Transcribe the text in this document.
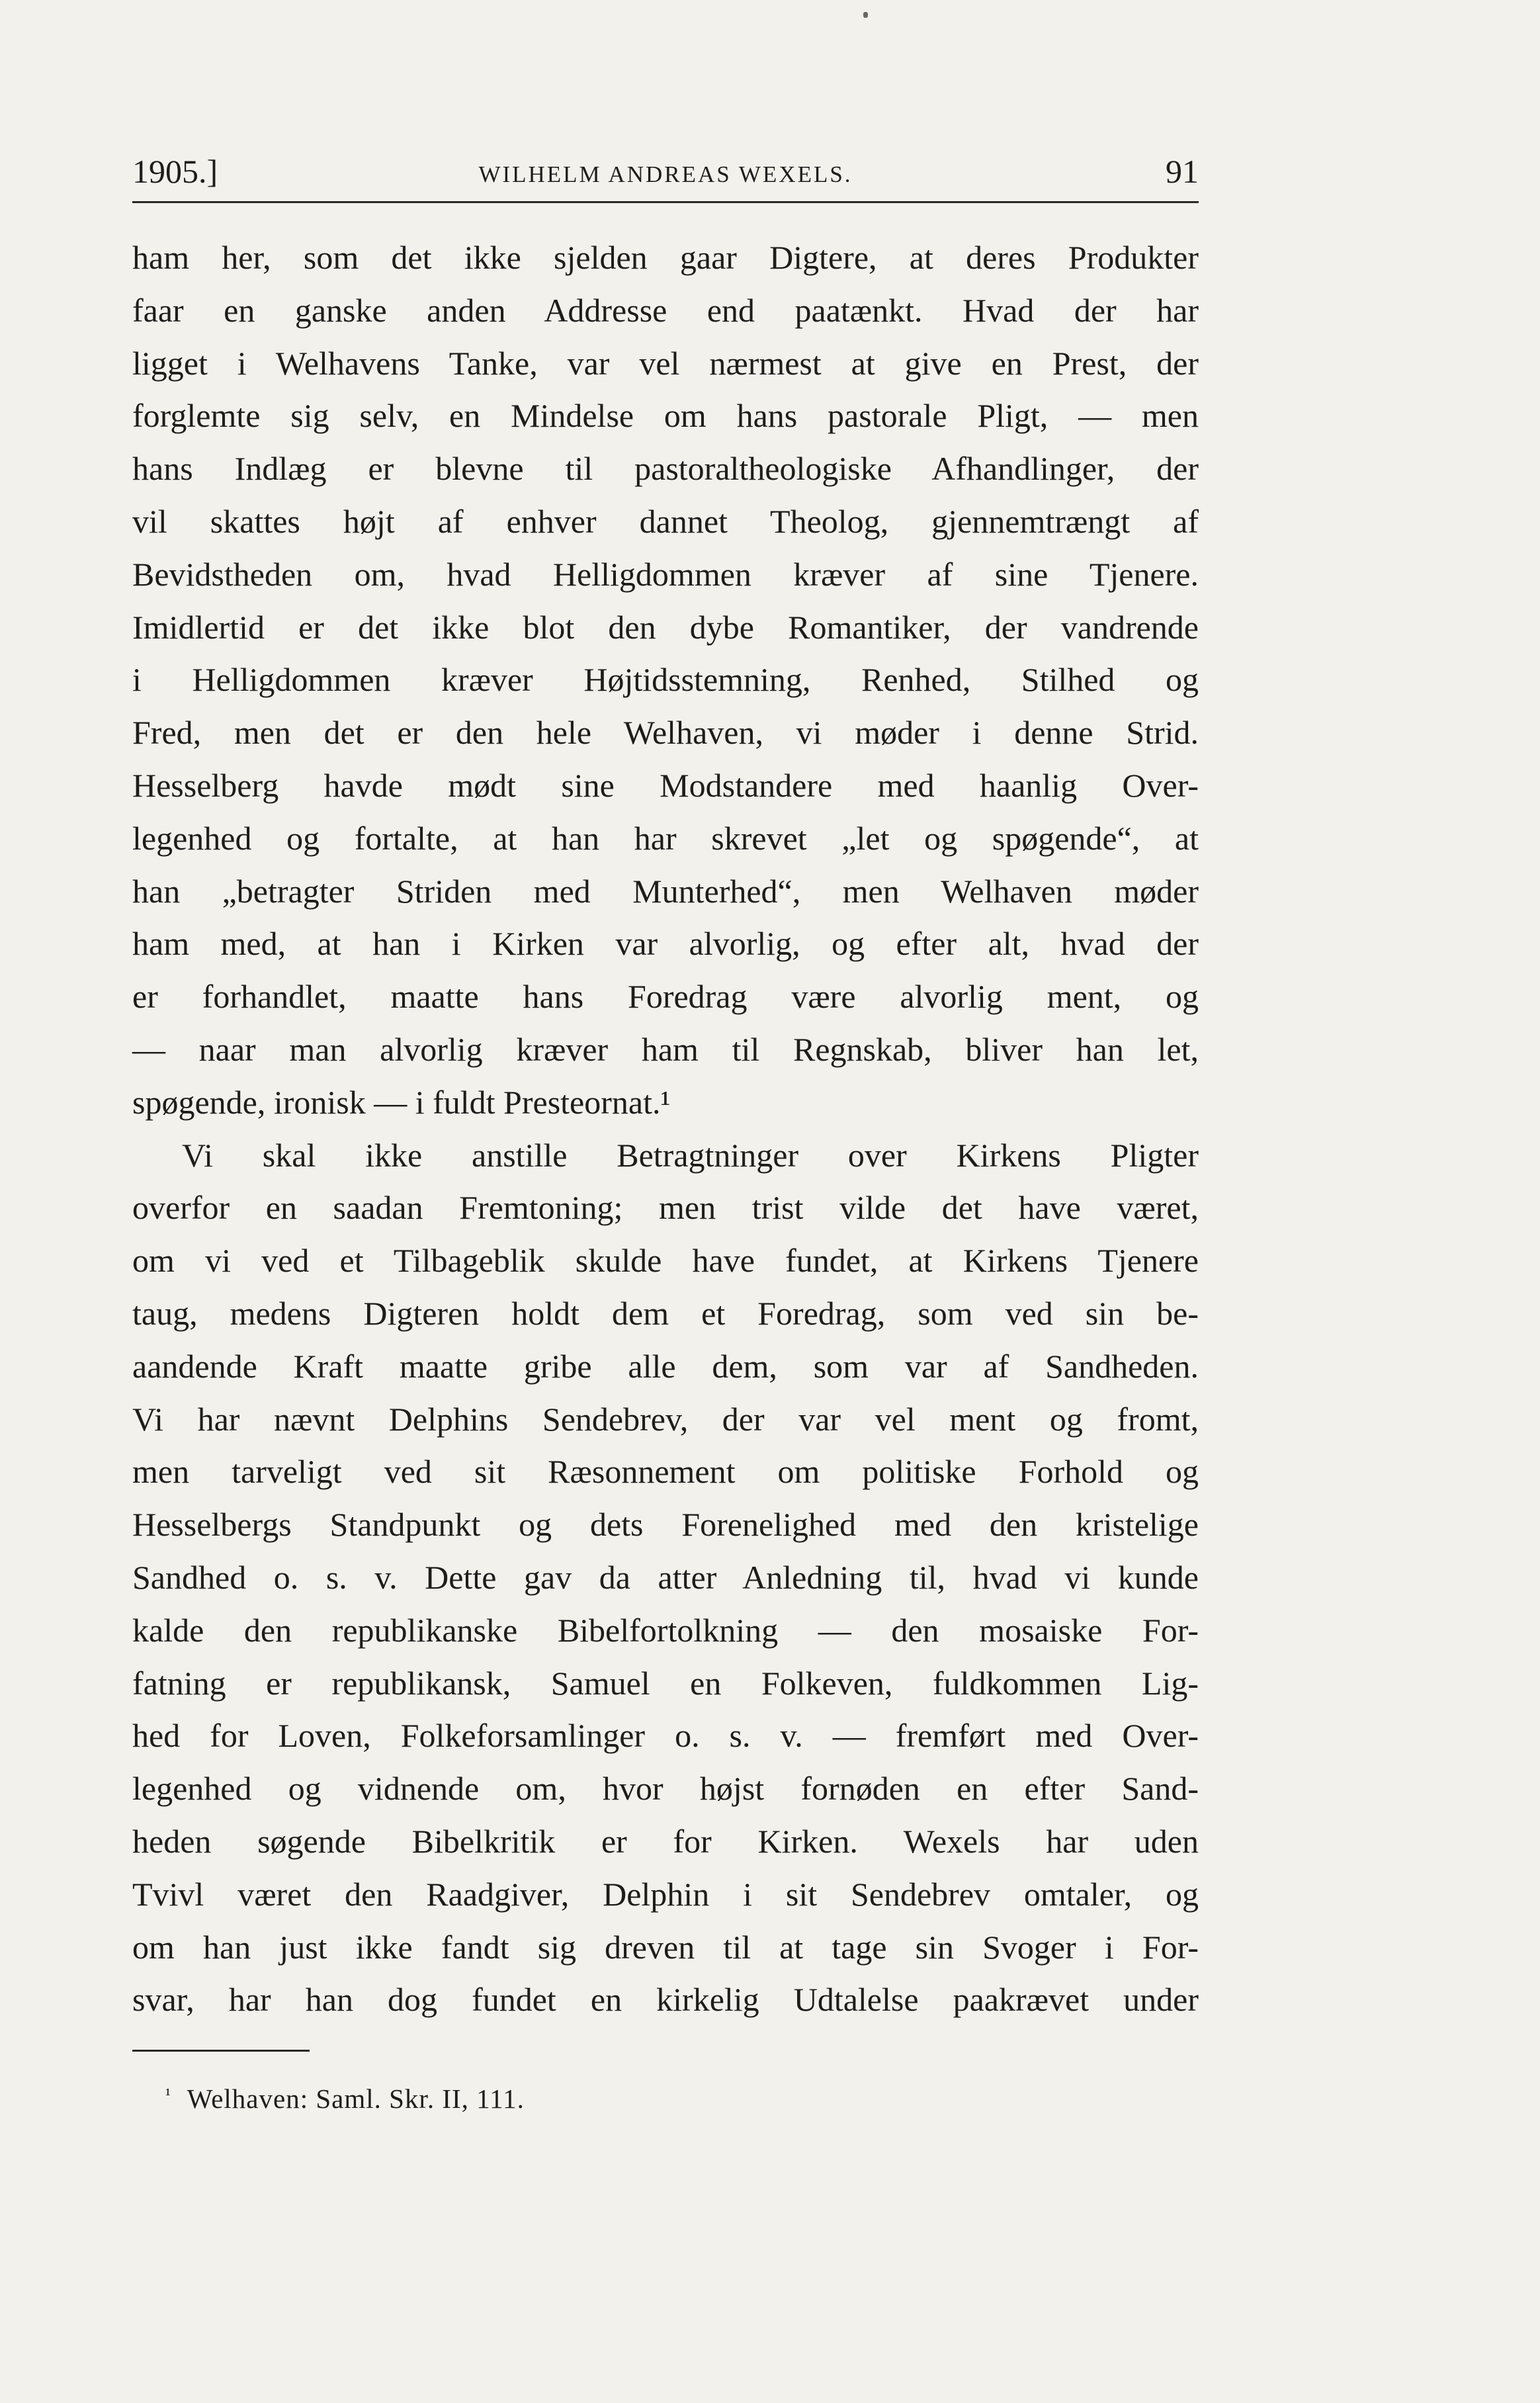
1905.]	WILHELM ANDREAS WEXELS.	91
ham her, som det ikke sjelden gaar Digtere, at deres Produkter
faar en ganske anden Addresse end paatænkt. Hvad der har
ligget i Welhavens Tanke, var vel nærmest at give en Prest, der
forglemte sig selv, en Mindelse om hans pastorale Pligt, — men
hans Indlæg er blevne til pastoraltheologiske Afhandlinger, der
vil skattes højt af enhver dannet Theolog, gjennemtrængt af
Bevidstheden om, hvad Helligdommen kræver af sine Tjenere.
Imidlertid er det ikke blot den dybe Romantiker, der vandrende
i Helligdommen kræver Højtidsstemning, Renhed, Stilhed og
Fred, men det er den hele Welhaven, vi møder i denne Strid.
Hesselberg havde mødt sine Modstandere med haanlig Over-
legenhed og fortalte, at han har skrevet „let og spøgende“, at
han „betragter Striden med Munterhed“, men Welhaven møder
ham med, at han i Kirken var alvorlig, og efter alt, hvad der
er forhandlet, maatte hans Foredrag være alvorlig ment, og
— naar man alvorlig kræver ham til Regnskab, bliver han let,
spøgende, ironisk — i fuldt Presteornat.¹
Vi skal ikke anstille Betragtninger over Kirkens Pligter
overfor en saadan Fremtoning; men trist vilde det have været,
om vi ved et Tilbageblik skulde have fundet, at Kirkens Tjenere
taug, medens Digteren holdt dem et Foredrag, som ved sin be-
aandende Kraft maatte gribe alle dem, som var af Sandheden.
Vi har nævnt Delphins Sendebrev, der var vel ment og fromt,
men tarveligt ved sit Ræsonnement om politiske Forhold og
Hesselbergs Standpunkt og dets Forenelighed med den kristelige
Sandhed o. s. v. Dette gav da atter Anledning til, hvad vi kunde
kalde den republikanske Bibelfortolkning — den mosaiske For-
fatning er republikansk, Samuel en Folkeven, fuldkommen Lig-
hed for Loven, Folkeforsamlinger o. s. v. — fremført med Over-
legenhed og vidnende om, hvor højst fornøden en efter Sand-
heden søgende Bibelkritik er for Kirken. Wexels har uden
Tvivl været den Raadgiver, Delphin i sit Sendebrev omtaler, og
om han just ikke fandt sig dreven til at tage sin Svoger i For-
svar, har han dog fundet en kirkelig Udtalelse paakrævet under
$^{^1}$ Welhaven: Saml. Skr. II, 111.
